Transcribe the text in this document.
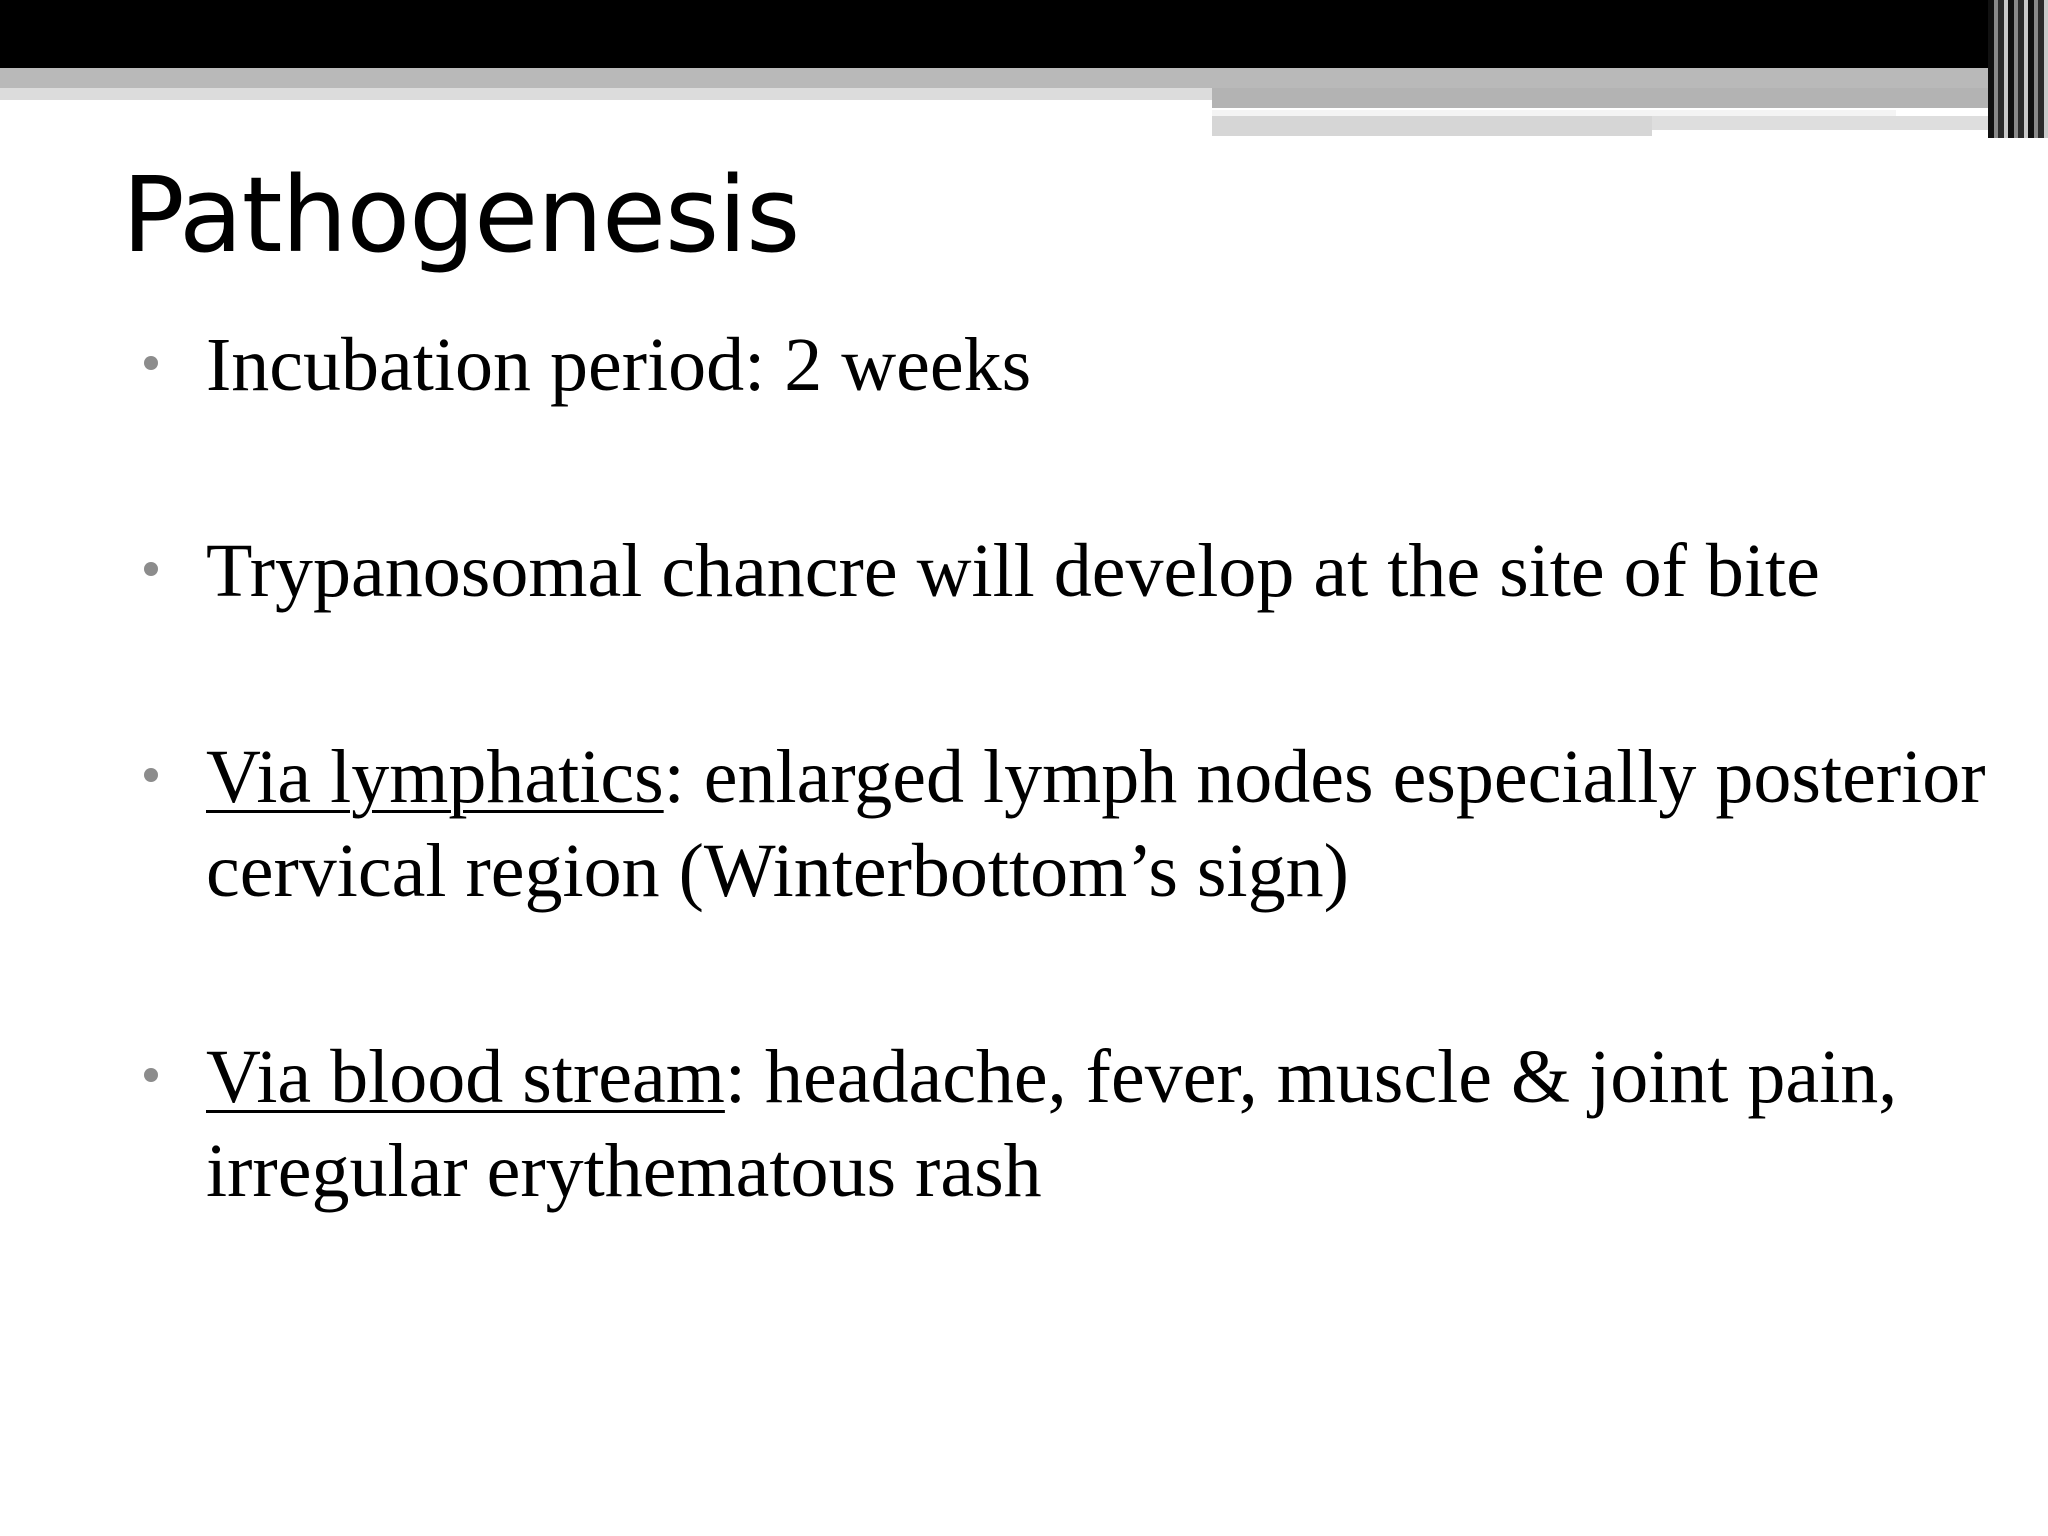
Pathogenesis
Incubation period: 2 weeks
Trypanosomal chancre will develop at the site of bite
Via lymphatics: enlarged lymph nodes especially posterior cervical region (Winterbottom’s sign)
Via blood stream: headache, fever, muscle & joint pain, irregular erythematous rash
